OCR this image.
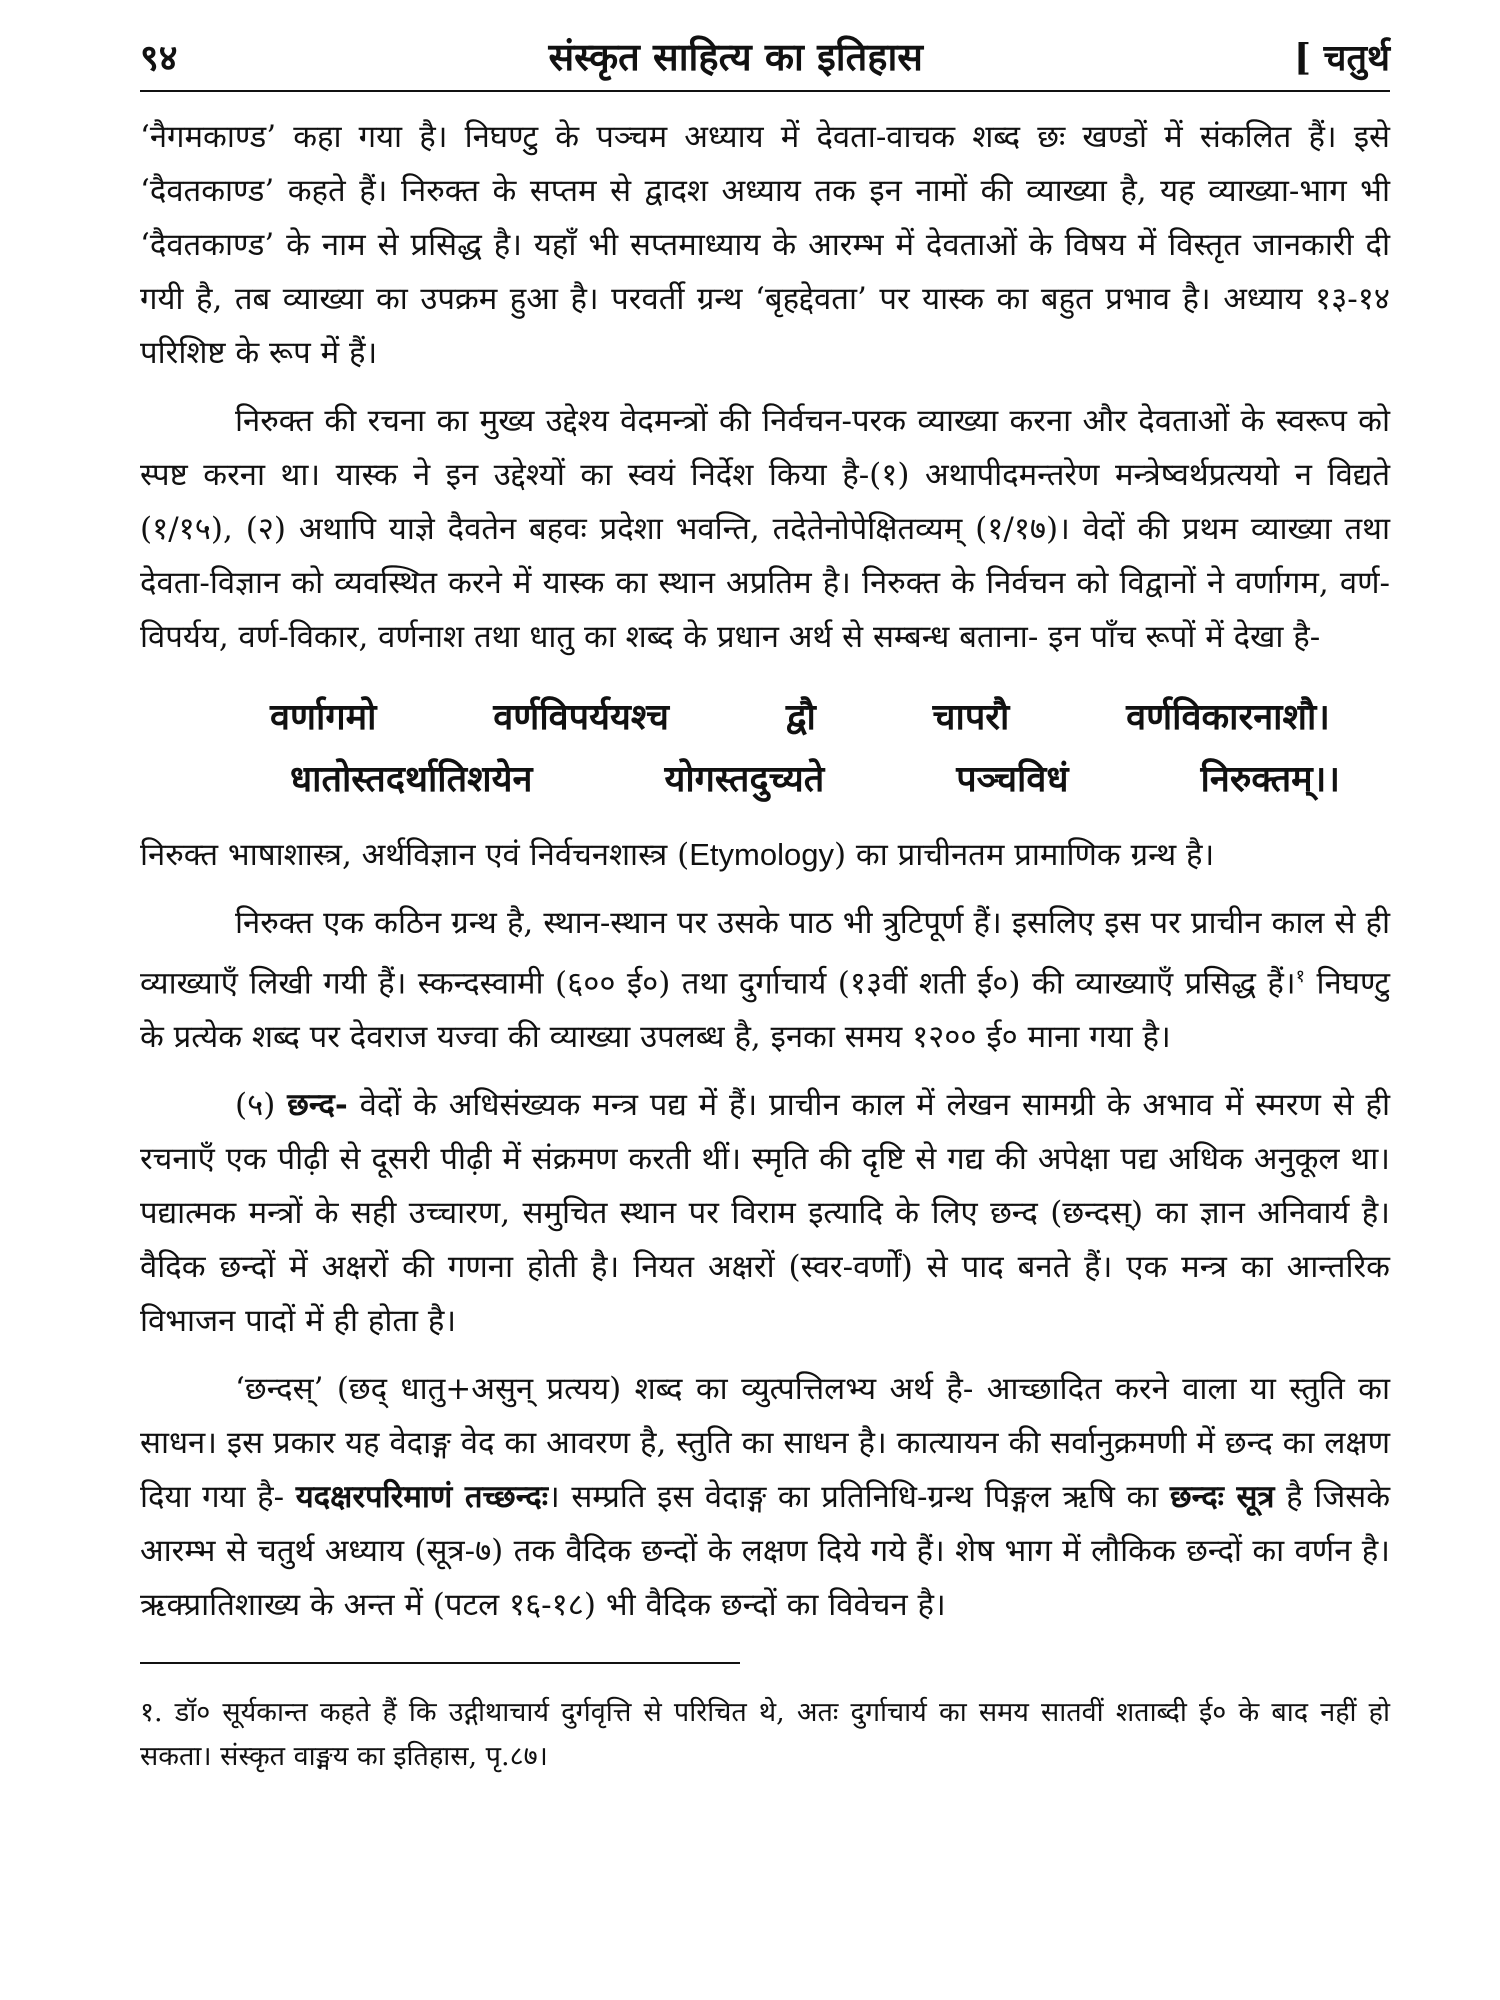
९४	संस्कृत साहित्य का इतिहास	[ चतुर्थ

‘नैगमकाण्ड’ कहा गया है। निघण्टु के पञ्चम अध्याय में देवता-वाचक शब्द छः खण्डों में संकलित हैं। इसे ‘दैवतकाण्ड’ कहते हैं। निरुक्त के सप्तम से द्वादश अध्याय तक इन नामों की व्याख्या है, यह व्याख्या-भाग भी ‘दैवतकाण्ड’ के नाम से प्रसिद्ध है। यहाँ भी सप्तमाध्याय के आरम्भ में देवताओं के विषय में विस्तृत जानकारी दी गयी है, तब व्याख्या का उपक्रम हुआ है। परवर्ती ग्रन्थ ‘बृहद्देवता’ पर यास्क का बहुत प्रभाव है। अध्याय १३-१४ परिशिष्ट के रूप में हैं।

निरुक्त की रचना का मुख्य उद्देश्य वेदमन्त्रों की निर्वचन-परक व्याख्या करना और देवताओं के स्वरूप को स्पष्ट करना था। यास्क ने इन उद्देश्यों का स्वयं निर्देश किया है-(१) अथापीदमन्तरेण मन्त्रेष्वर्थप्रत्ययो न विद्यते (१/१५), (२) अथापि याज्ञे दैवतेन बहवः प्रदेशा भवन्ति, तदेतेनोपेक्षितव्यम् (१/१७)। वेदों की प्रथम व्याख्या तथा देवता-विज्ञान को व्यवस्थित करने में यास्क का स्थान अप्रतिम है। निरुक्त के निर्वचन को विद्वानों ने वर्णागम, वर्ण-विपर्यय, वर्ण-विकार, वर्णनाश तथा धातु का शब्द के प्रधान अर्थ से सम्बन्ध बताना- इन पाँच रूपों में देखा है-

वर्णागमो	वर्णविपर्ययश्च	द्वौ	चापरौ	वर्णविकारनाशौ।
धातोस्तदर्थातिशयेन	योगस्तदुच्यते	पञ्चविधं	निरुक्तम्।।

निरुक्त भाषाशास्त्र, अर्थविज्ञान एवं निर्वचनशास्त्र (Etymology) का प्राचीनतम प्रामाणिक ग्रन्थ है।

निरुक्त एक कठिन ग्रन्थ है, स्थान-स्थान पर उसके पाठ भी त्रुटिपूर्ण हैं। इसलिए इस पर प्राचीन काल से ही व्याख्याएँ लिखी गयी हैं। स्कन्दस्वामी (६०० ई०) तथा दुर्गाचार्य (१३वीं शती ई०) की व्याख्याएँ प्रसिद्ध हैं।$^१$ निघण्टु के प्रत्येक शब्द पर देवराज यज्वा की व्याख्या उपलब्ध है, इनका समय १२०० ई० माना गया है।

(५) छन्द- वेदों के अधिसंख्यक मन्त्र पद्य में हैं। प्राचीन काल में लेखन सामग्री के अभाव में स्मरण से ही रचनाएँ एक पीढ़ी से दूसरी पीढ़ी में संक्रमण करती थीं। स्मृति की दृष्टि से गद्य की अपेक्षा पद्य अधिक अनुकूल था। पद्यात्मक मन्त्रों के सही उच्चारण, समुचित स्थान पर विराम इत्यादि के लिए छन्द (छन्दस्) का ज्ञान अनिवार्य है। वैदिक छन्दों में अक्षरों की गणना होती है। नियत अक्षरों (स्वर-वर्णों) से पाद बनते हैं। एक मन्त्र का आन्तरिक विभाजन पादों में ही होता है।

‘छन्दस्’ (छद् धातु+असुन् प्रत्यय) शब्द का व्युत्पत्तिलभ्य अर्थ है- आच्छादित करने वाला या स्तुति का साधन। इस प्रकार यह वेदाङ्ग वेद का आवरण है, स्तुति का साधन है। कात्यायन की सर्वानुक्रमणी में छन्द का लक्षण दिया गया है- यदक्षरपरिमाणं तच्छन्दः। सम्प्रति इस वेदाङ्ग का प्रतिनिधि-ग्रन्थ पिङ्गल ऋषि का छन्दः सूत्र है जिसके आरम्भ से चतुर्थ अध्याय (सूत्र-७) तक वैदिक छन्दों के लक्षण दिये गये हैं। शेष भाग में लौकिक छन्दों का वर्णन है। ऋक्प्रातिशाख्य के अन्त में (पटल १६-१८) भी वैदिक छन्दों का विवेचन है।

१. डॉ० सूर्यकान्त कहते हैं कि उद्गीथाचार्य दुर्गवृत्ति से परिचित थे, अतः दुर्गाचार्य का समय सातवीं शताब्दी ई० के बाद नहीं हो सकता। संस्कृत वाङ्मय का इतिहास, पृ.८७।
